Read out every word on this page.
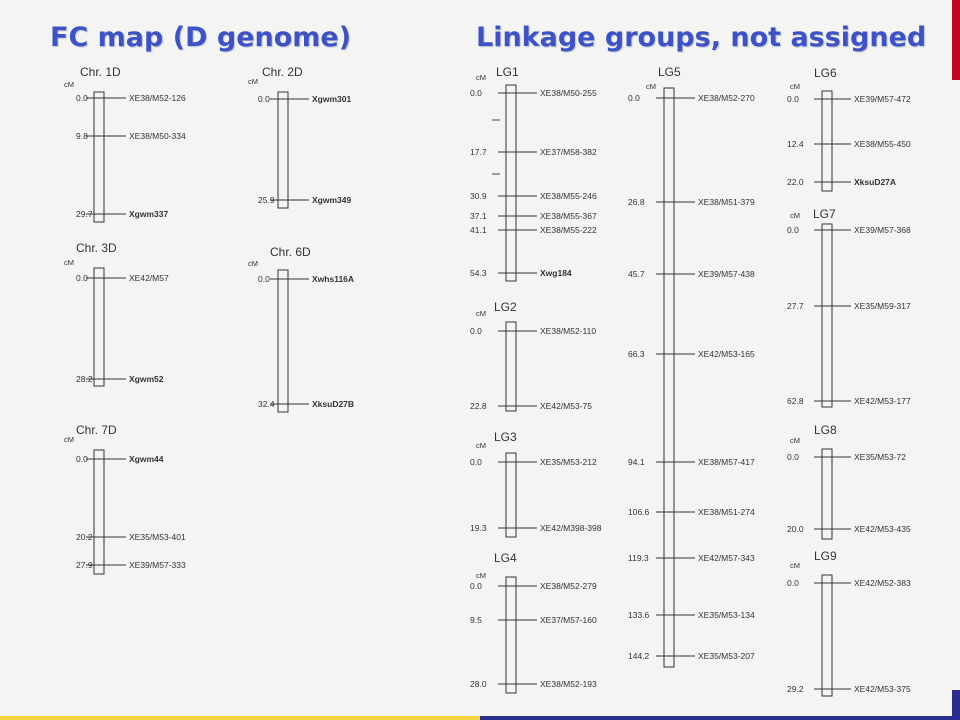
FC map (D genome)	Linkage groups, not assigned
Chr. 1D
cM
0.0	XE38/M52-126
9.8	XE38/M50-334
29.7	Xgwm337
Chr. 2D
cM
0.0	Xgwm301
25.9	Xgwm349
Chr. 3D
cM
0.0	XE42/M57
28.2	Xgwm52
Chr. 6D
cM
0.0	Xwhs116A
32.4	XksuD27B
Chr. 7D
cM
0.0	Xgwm44
20.2	XE35/M53-401
27.9	XE39/M57-333
LG1
cM
0.0	XE38/M50-255
17.7	XE37/M58-382
30.9	XE38/M55-246
37.1	XE38/M55-367
41.1	XE38/M55-222
54.3	Xwg184
LG2
cM
0.0	XE38/M52-110
22.8	XE42/M53-75
LG3
cM
0.0	XE35/M53-212
19.3	XE42/M398-398
LG4
cM
0.0	XE38/M52-279
9.5	XE37/M57-160
28.0	XE38/M52-193
LG5
cM
0.0	XE38/M52-270
26.8	XE38/M51-379
45.7	XE39/M57-438
66.3	XE42/M53-165
94.1	XE38/M57-417
106.6	XE38/M51-274
119.3	XE42/M57-343
133.6	XE35/M53-134
144.2	XE35/M53-207
LG6
cM
0.0	XE39/M57-472
12.4	XE38/M55-450
22.0	XksuD27A
LG7
cM
0.0	XE39/M57-368
27.7	XE35/M59-317
62.8	XE42/M53-177
LG8
cM
0.0	XE35/M53-72
20.0	XE42/M53-435
LG9
cM
0.0	XE42/M52-383
29.2	XE42/M53-375
